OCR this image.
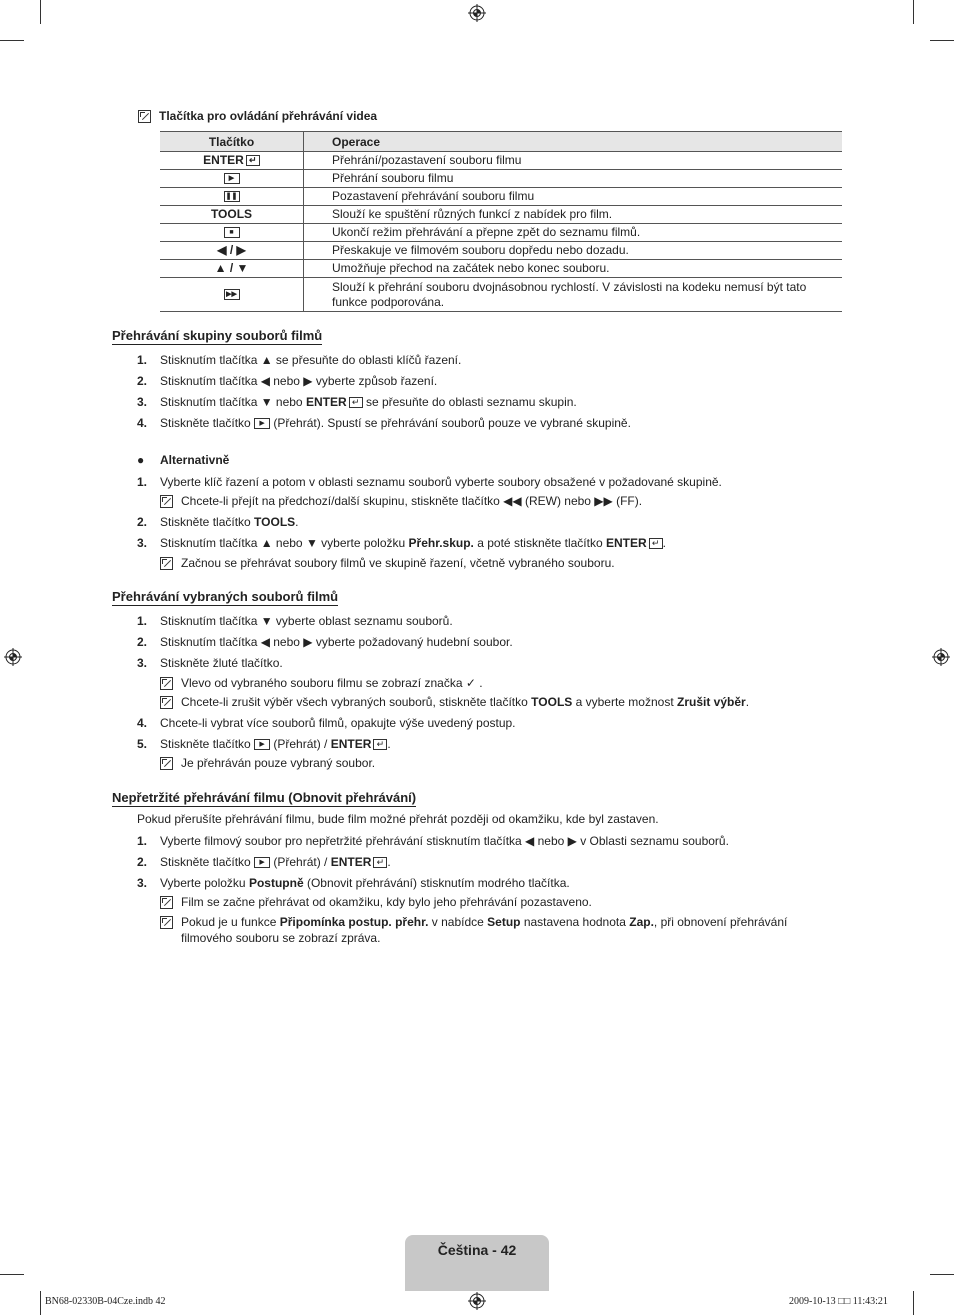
Tlačítka pro ovládání přehrávání videa
Tlačítko	Operace
ENTER ↵	Přehrání/pozastavení souboru filmu
▶	Přehrání souboru filmu
❚❚	Pozastavení přehrávání souboru filmu
TOOLS	Slouží ke spuštění různých funkcí z nabídek pro film.
■	Ukončí režim přehrávání a přepne zpět do seznamu filmů.
◀ / ▶	Přeskakuje ve filmovém souboru dopředu nebo dozadu.
▲ / ▼	Umožňuje přechod na začátek nebo konec souboru.
▶▶	Slouží k přehrání souboru dvojnásobnou rychlostí. V závislosti na kodeku nemusí být tato funkce podporována.
Přehrávání skupiny souborů filmů
1. Stisknutím tlačítka ▲ se přesuňte do oblasti klíčů řazení.
2. Stisknutím tlačítka ◀ nebo ▶ vyberte způsob řazení.
3. Stisknutím tlačítka ▼ nebo ENTER ↵ se přesuňte do oblasti seznamu skupin.
4. Stiskněte tlačítko ▶ (Přehrát). Spustí se přehrávání souborů pouze ve vybrané skupině.
● Alternativně
1. Vyberte klíč řazení a potom v oblasti seznamu souborů vyberte soubory obsažené v požadované skupině.
Chcete-li přejít na předchozí/další skupinu, stiskněte tlačítko ◀◀ (REW) nebo ▶▶ (FF).
2. Stiskněte tlačítko TOOLS.
3. Stisknutím tlačítka ▲ nebo ▼ vyberte položku Přehr.skup. a poté stiskněte tlačítko ENTER ↵ .
Začnou se přehrávat soubory filmů ve skupině řazení, včetně vybraného souboru.
Přehrávání vybraných souborů filmů
1. Stisknutím tlačítka ▼ vyberte oblast seznamu souborů.
2. Stisknutím tlačítka ◀ nebo ▶ vyberte požadovaný hudební soubor.
3. Stiskněte žluté tlačítko.
Vlevo od vybraného souboru filmu se zobrazí značka ✓ .
Chcete-li zrušit výběr všech vybraných souborů, stiskněte tlačítko TOOLS a vyberte možnost Zrušit výběr.
4. Chcete-li vybrat více souborů filmů, opakujte výše uvedený postup.
5. Stiskněte tlačítko ▶ (Přehrát) / ENTER ↵ .
Je přehráván pouze vybraný soubor.
Nepřetržité přehrávání filmu (Obnovit přehrávání)
Pokud přerušíte přehrávání filmu, bude film možné přehrát později od okamžiku, kde byl zastaven.
1. Vyberte filmový soubor pro nepřetržité přehrávání stisknutím tlačítka ◀ nebo ▶ v Oblasti seznamu souborů.
2. Stiskněte tlačítko ▶ (Přehrát) / ENTER ↵ .
3. Vyberte položku Postupně (Obnovit přehrávání) stisknutím modrého tlačítka.
Film se začne přehrávat od okamžiku, kdy bylo jeho přehrávání pozastaveno.
Pokud je u funkce Připomínka postup. přehr. v nabídce Setup nastavena hodnota Zap., při obnovení přehrávání filmového souboru se zobrazí zpráva.
Čeština - 42
BN68-02330B-04Cze.indb 42	2009-10-13 □□ 11:43:21
